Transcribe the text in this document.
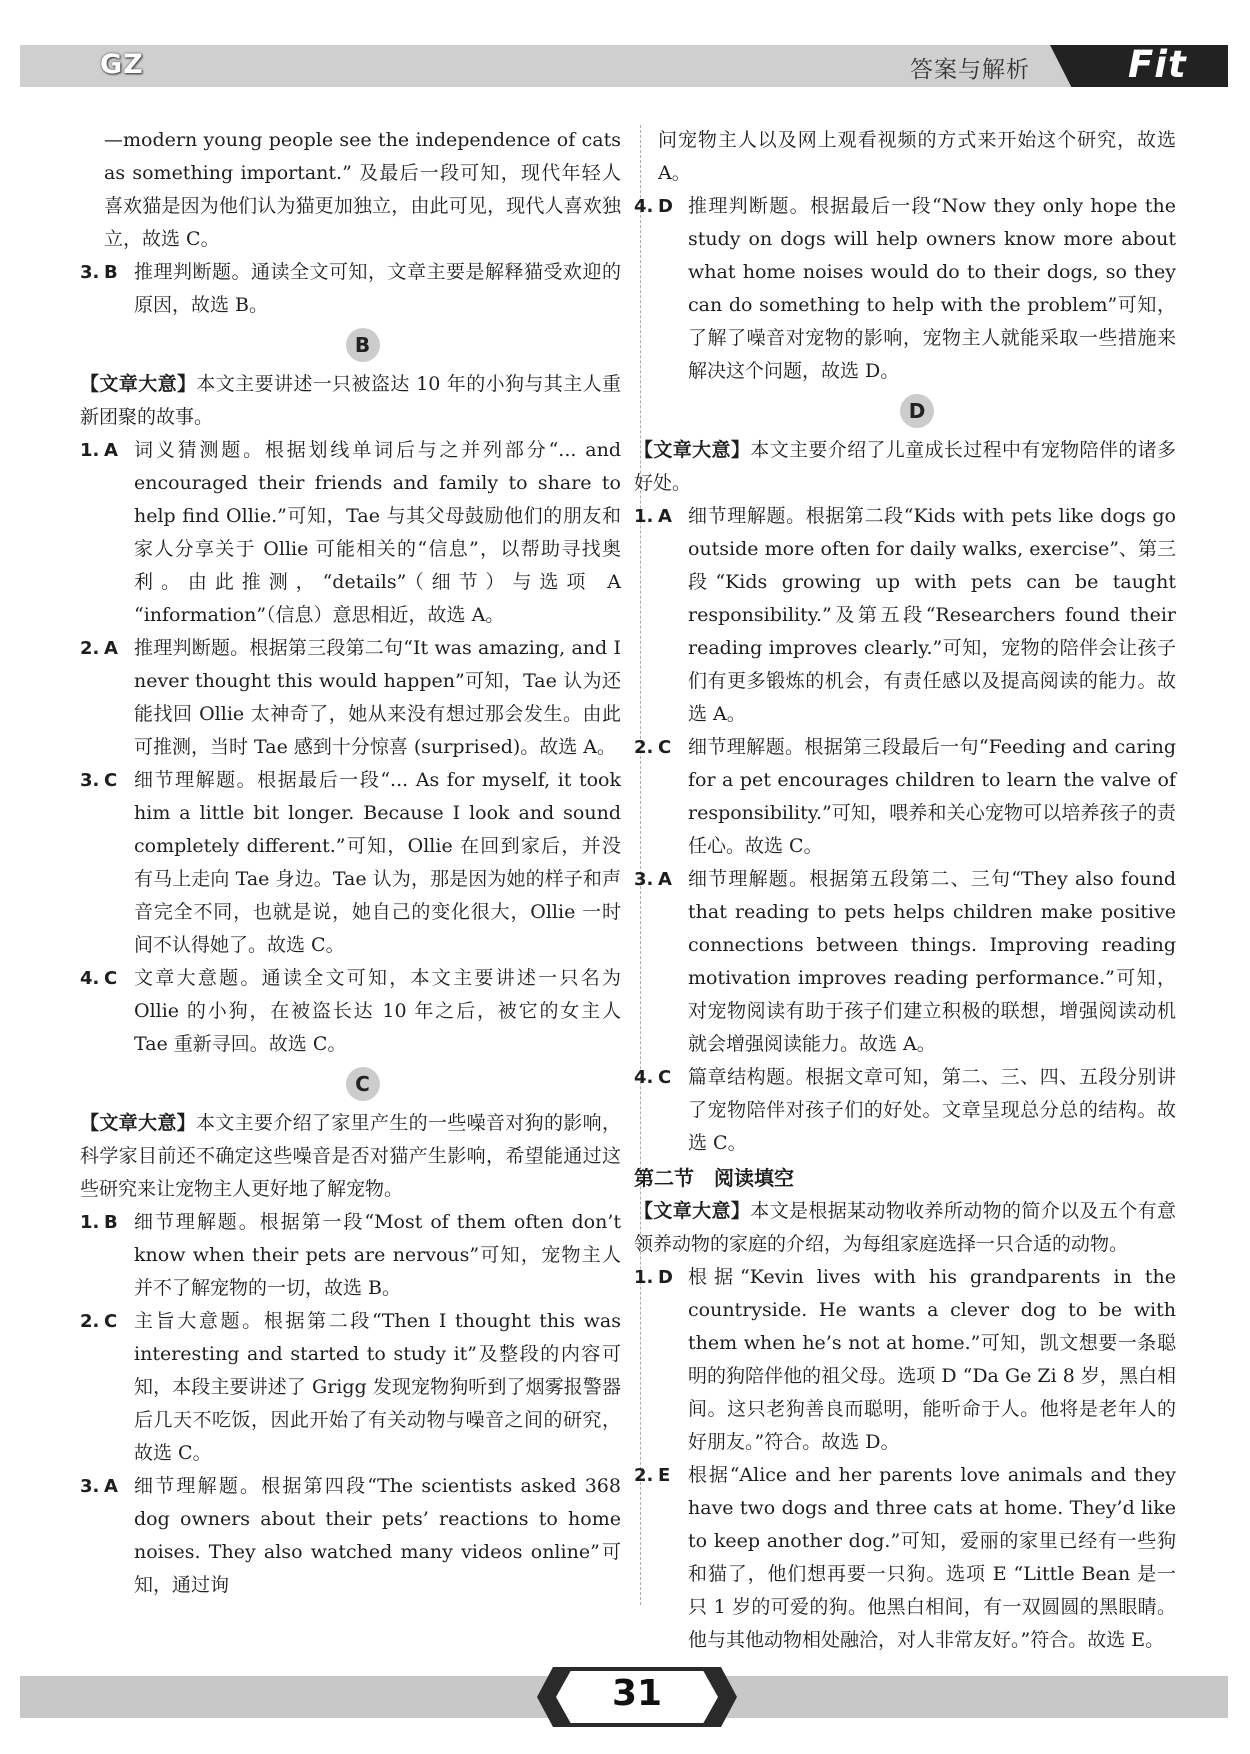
GZ	答案与解析	Fit

—modern young people see the independence of cats as something important.” 及最后一段可知，现代年轻人喜欢猫是因为他们认为猫更加独立，由此可见，现代人喜欢独立，故选 C。

3. B 推理判断题。通读全文可知，文章主要是解释猫受欢迎的原因，故选 B。
B

【文章大意】本文主要讲述一只被盗达 10 年的小狗与其主人重新团聚的故事。

1. A 词义猜测题。根据划线单词后与之并列部分“... and encouraged their friends and family to share to help find Ollie.”可知，Tae 与其父母鼓励他们的朋友和家人分享关于 Ollie 可能相关的“信息”，以帮助寻找奥利。由此推测，“details”（细节）与选项 A “information”（信息）意思相近，故选 A。
2. A 推理判断题。根据第三段第二句“It was amazing, and I never thought this would happen”可知，Tae 认为还能找回 Ollie 太神奇了，她从来没有想过那会发生。由此可推测，当时 Tae 感到十分惊喜 (surprised)。故选 A。
3. C 细节理解题。根据最后一段“... As for myself, it took him a little bit longer. Because I look and sound completely different.”可知，Ollie 在回到家后，并没有马上走向 Tae 身边。Tae 认为，那是因为她的样子和声音完全不同，也就是说，她自己的变化很大，Ollie 一时间不认得她了。故选 C。
4. C 文章大意题。通读全文可知，本文主要讲述一只名为 Ollie 的小狗，在被盗长达 10 年之后，被它的女主人 Tae 重新寻回。故选 C。
C

【文章大意】本文主要介绍了家里产生的一些噪音对狗的影响，科学家目前还不确定这些噪音是否对猫产生影响，希望能通过这些研究来让宠物主人更好地了解宠物。

1. B 细节理解题。根据第一段“Most of them often don’t know when their pets are nervous”可知，宠物主人并不了解宠物的一切，故选 B。
2. C 主旨大意题。根据第二段“Then I thought this was interesting and started to study it”及整段的内容可知，本段主要讲述了 Grigg 发现宠物狗听到了烟雾报警器后几天不吃饭，因此开始了有关动物与噪音之间的研究，故选 C。
3. A 细节理解题。根据第四段“The scientists asked 368 dog owners about their pets’ reactions to home noises. They also watched many videos online”可知，通过询

问宠物主人以及网上观看视频的方式来开始这个研究，故选 A。

4. D 推理判断题。根据最后一段“Now they only hope the study on dogs will help owners know more about what home noises would do to their dogs, so they can do something to help with the problem”可知，了解了噪音对宠物的影响，宠物主人就能采取一些措施来解决这个问题，故选 D。
D

【文章大意】本文主要介绍了儿童成长过程中有宠物陪伴的诸多好处。

1. A 细节理解题。根据第二段“Kids with pets like dogs go outside more often for daily walks, exercise”、第三段“Kids growing up with pets can be taught responsibility.”及第五段“Researchers found their reading improves clearly.”可知，宠物的陪伴会让孩子们有更多锻炼的机会，有责任感以及提高阅读的能力。故选 A。
2. C 细节理解题。根据第三段最后一句“Feeding and caring for a pet encourages children to learn the valve of responsibility.”可知，喂养和关心宠物可以培养孩子的责任心。故选 C。
3. A 细节理解题。根据第五段第二、三句“They also found that reading to pets helps children make positive connections between things. Improving reading motivation improves reading performance.”可知，对宠物阅读有助于孩子们建立积极的联想，增强阅读动机就会增强阅读能力。故选 A。
4. C 篇章结构题。根据文章可知，第二、三、四、五段分别讲了宠物陪伴对孩子们的好处。文章呈现总分总的结构。故选 C。
第二节　阅读填空

【文章大意】本文是根据某动物收养所动物的简介以及五个有意领养动物的家庭的介绍，为每组家庭选择一只合适的动物。

1. D 根据“Kevin lives with his grandparents in the countryside. He wants a clever dog to be with them when he’s not at home.”可知，凯文想要一条聪明的狗陪伴他的祖父母。选项 D “Da Ge Zi 8 岁，黑白相间。这只老狗善良而聪明，能听命于人。他将是老年人的好朋友。”符合。故选 D。
2. E 根据“Alice and her parents love animals and they have two dogs and three cats at home. They’d like to keep another dog.”可知，爱丽的家里已经有一些狗和猫了，他们想再要一只狗。选项 E “Little Bean 是一只 1 岁的可爱的狗。他黑白相间，有一双圆圆的黑眼睛。他与其他动物相处融洽，对人非常友好。”符合。故选 E。
31
